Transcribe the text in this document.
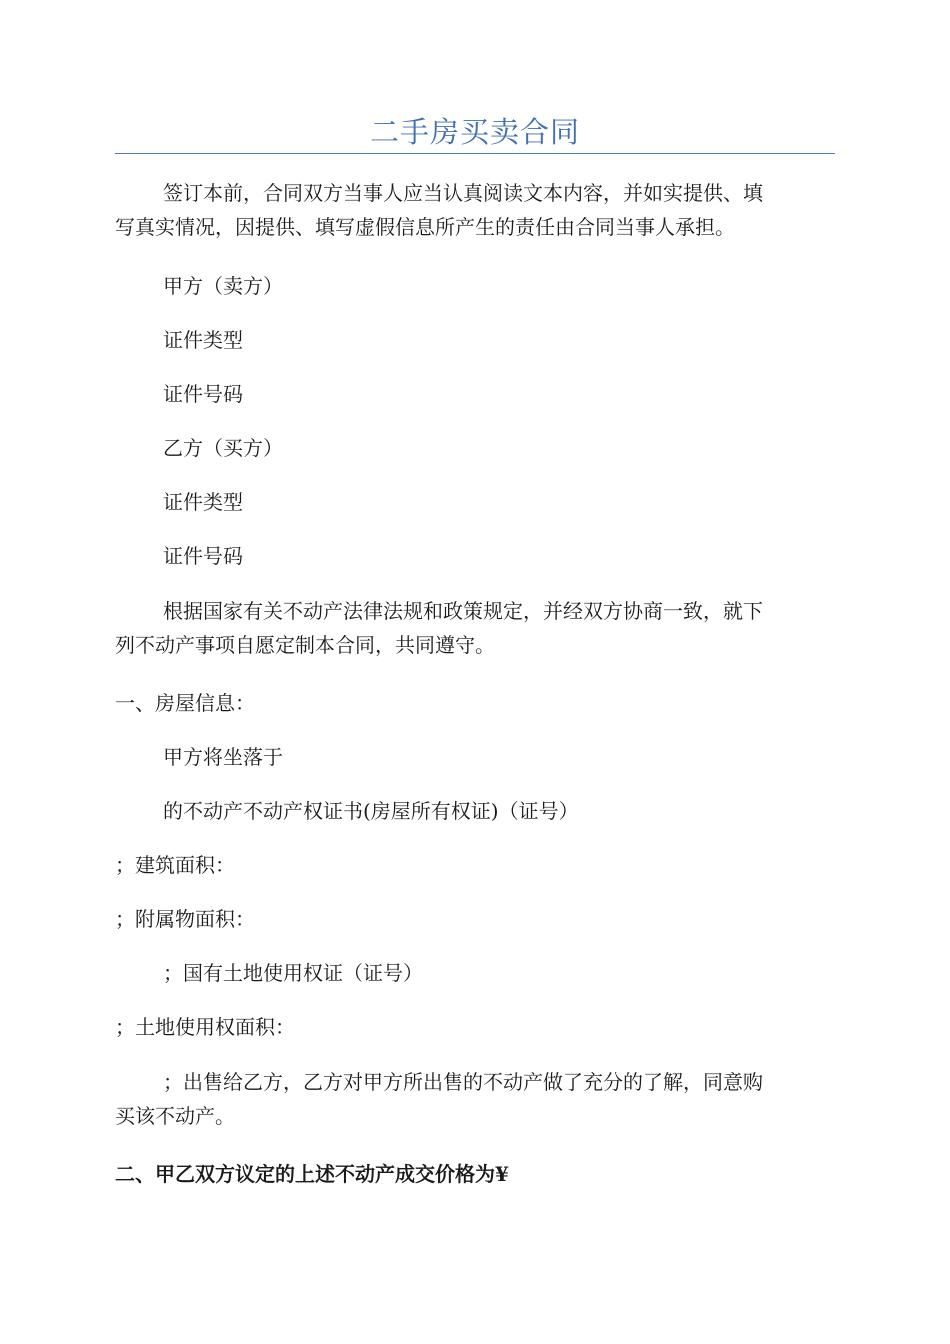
二手房买卖合同

签订本前，合同双方当事人应当认真阅读文本内容，并如实提供、填
写真实情况，因提供、填写虚假信息所产生的责任由合同当事人承担。

甲方（卖方）

证件类型

证件号码

乙方（买方）

证件类型

证件号码

根据国家有关不动产法律法规和政策规定，并经双方协商一致，就下
列不动产事项自愿定制本合同，共同遵守。

一、房屋信息：

甲方将坐落于

的不动产不动产权证书(房屋所有权证)（证号）

；建筑面积：

；附属物面积：

；国有土地使用权证（证号）

；土地使用权面积：

；出售给乙方，乙方对甲方所出售的不动产做了充分的了解，同意购
买该不动产。

二、甲乙双方议定的上述不动产成交价格为¥
